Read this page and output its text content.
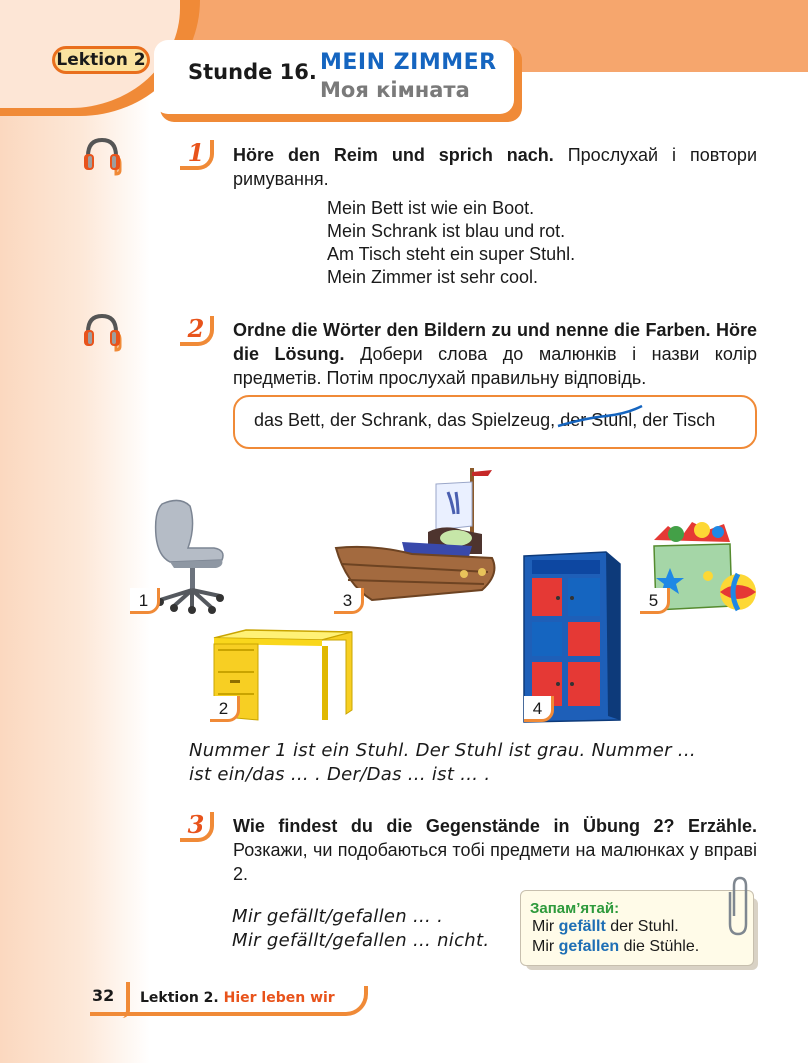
Lektion 2 Stunde 16. MEIN ZIMMER
Моя кімната
1	Höre den Reim und sprich nach. Прослухай і повтори римування.
Mein Bett ist wie ein Boot.
Mein Schrank ist blau und rot.
Am Tisch steht ein super Stuhl.
Mein Zimmer ist sehr cool.
2	Ordne die Wörter den Bildern zu und nenne die Farben. Höre die Lösung. Добери слова до малюнків і назви колір предметів. Потім прослухай правильну відповідь.
das Bett, der Schrank, das Spielzeug, der Stuhl
, der Tisch
1	3	5
2	4
Nummer 1 ist ein Stuhl. Der Stuhl ist grau. Nummer ...
ist ein/das ... . Der/Das ... ist ... .
3	Wie findest du die Gegenstände in Übung 2? Erzähle. Розкажи, чи подобаються тобі предмети на малюнках у вправі 2.
Mir gefällt/gefallen ... .
Mir gefällt/gefallen ... nicht.
Запам’ятай:
Mir gefällt der Stuhl.
Mir gefallen die Stühle.
32 Lektion 2. Hier leben wir
